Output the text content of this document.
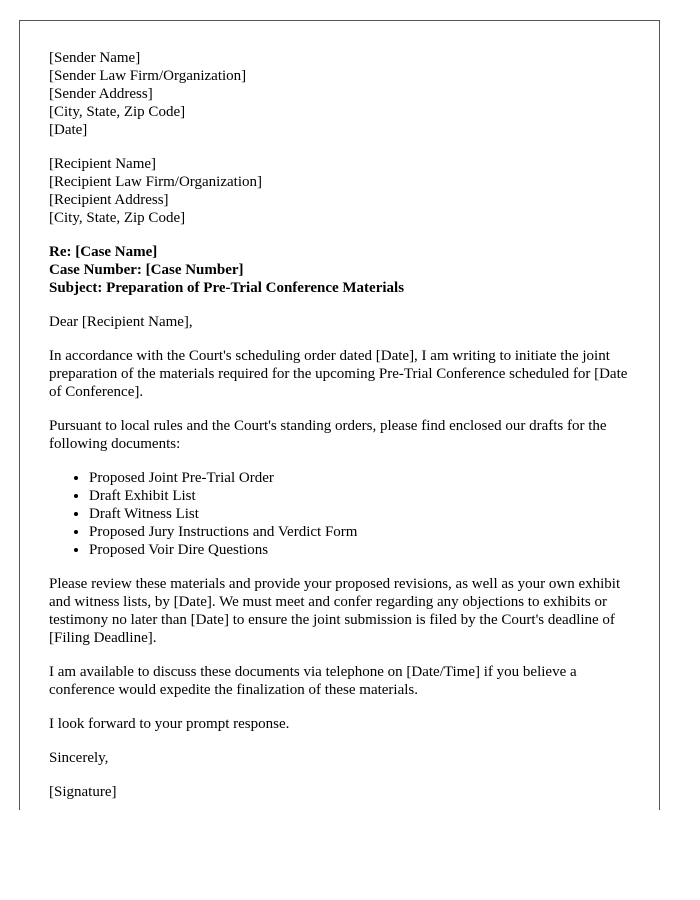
[Sender Name]
[Sender Law Firm/Organization]
[Sender Address]
[City, State, Zip Code]
[Date]
[Recipient Name]
[Recipient Law Firm/Organization]
[Recipient Address]
[City, State, Zip Code]
Re: [Case Name]
Case Number: [Case Number]
Subject: Preparation of Pre-Trial Conference Materials

Dear [Recipient Name],

In accordance with the Court's scheduling order dated [Date], I am writing to initiate the joint preparation of the materials required for the upcoming Pre-Trial Conference scheduled for [Date of Conference].

Pursuant to local rules and the Court's standing orders, please find enclosed our drafts for the following documents:

• Proposed Joint Pre-Trial Order
• Draft Exhibit List
• Draft Witness List
• Proposed Jury Instructions and Verdict Form
• Proposed Voir Dire Questions

Please review these materials and provide your proposed revisions, as well as your own exhibit and witness lists, by [Date]. We must meet and confer regarding any objections to exhibits or testimony no later than [Date] to ensure the joint submission is filed by the Court's deadline of [Filing Deadline].

I am available to discuss these documents via telephone on [Date/Time] if you believe a conference would expedite the finalization of these materials.

I look forward to your prompt response.

Sincerely,

[Signature]
